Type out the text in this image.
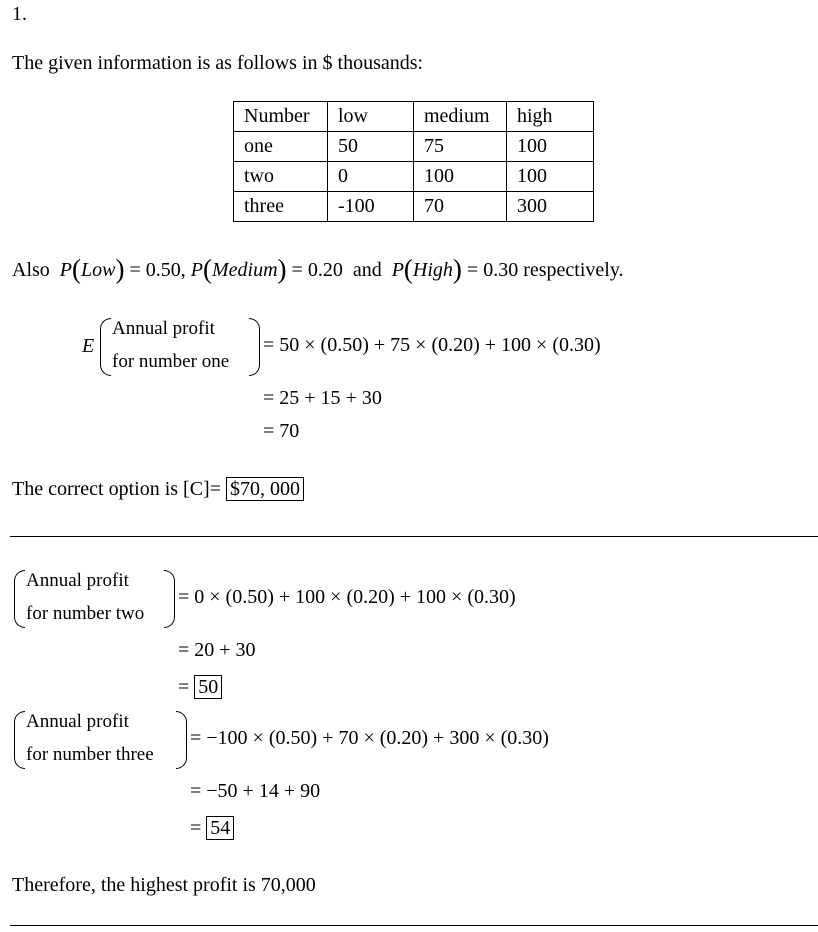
1.
The given information is as follows in $ thousands:
Number	low	medium	high
one	50	75	100
two	0	100	100
three	-100	70	300
Also  P(Low) = 0.50, P(Medium) = 0.20 and P(High) = 0.30 respectively.
E
Annual profit
for number one
= 50 × (0.50) + 75 × (0.20) + 100 × (0.30)
= 25 + 15 + 30
= 70
The correct option is [C]= $70, 000
Annual profit
for number two
= 0 × (0.50) + 100 × (0.20) + 100 × (0.30)
= 20 + 30
= 50
Annual profit
for number three
= −100 × (0.50) + 70 × (0.20) + 300 × (0.30)
= −50 + 14 + 90
= 54
Therefore, the highest profit is 70,000
